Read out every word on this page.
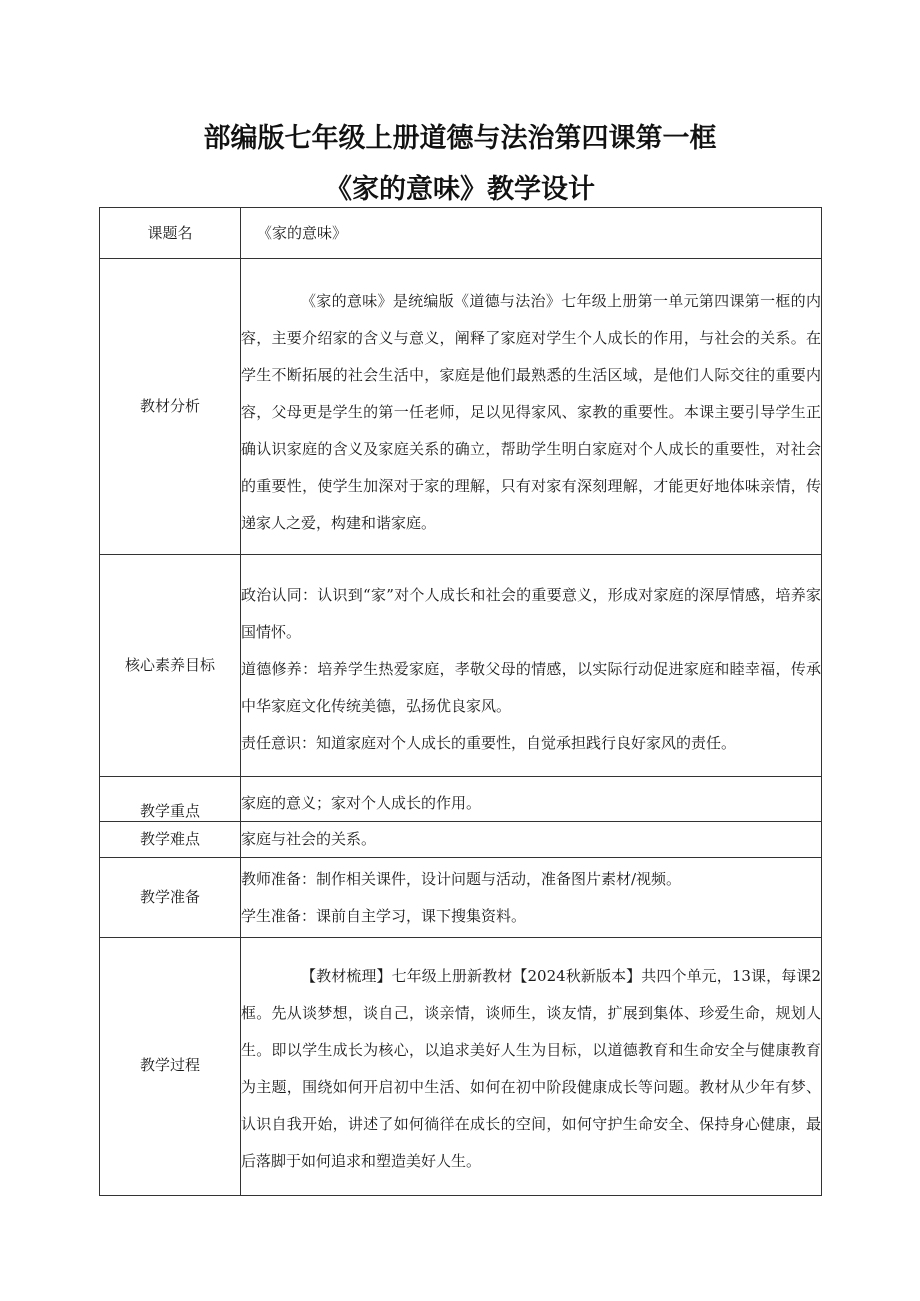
部编版七年级上册道德与法治第四课第一框
《家的意味》教学设计
课题名	《家的意味》
教材分析	《家的意味》是统编版《道德与法治》七年级上册第一单元第四课第一框的内容，主要介绍家的含义与意义，阐释了家庭对学生个人成长的作用，与社会的关系。在学生不断拓展的社会生活中，家庭是他们最熟悉的生活区域，是他们人际交往的重要内容，父母更是学生的第一任老师，足以见得家风、家教的重要性。本课主要引导学生正确认识家庭的含义及家庭关系的确立，帮助学生明白家庭对个人成长的重要性，对社会的重要性，使学生加深对于家的理解，只有对家有深刻理解，才能更好地体味亲情，传递家人之爱，构建和谐家庭。

核心素养目标	政治认同：认识到“家”对个人成长和社会的重要意义，形成对家庭的深厚情感，培养家国情怀。

道德修养：培养学生热爱家庭，孝敬父母的情感，以实际行动促进家庭和睦幸福，传承中华家庭文化传统美德，弘扬优良家风。

责任意识：知道家庭对个人成长的重要性，自觉承担践行良好家风的责任。

教学重点	家庭的意义；家对个人成长的作用。
教学难点	家庭与社会的关系。
教学准备	教师准备：制作相关课件，设计问题与活动，准备图片素材/视频。

学生准备：课前自主学习，课下搜集资料。

教学过程	【教材梳理】七年级上册新教材【2024秋新版本】共四个单元，13课，每课2框。先从谈梦想，谈自己，谈亲情，谈师生，谈友情，扩展到集体、珍爱生命，规划人生。即以学生成长为核心，以追求美好人生为目标，以道德教育和生命安全与健康教育为主题，围绕如何开启初中生活、如何在初中阶段健康成长等问题。教材从少年有梦、认识自我开始，讲述了如何徜徉在成长的空间，如何守护生命安全、保持身心健康，最后落脚于如何追求和塑造美好人生。
